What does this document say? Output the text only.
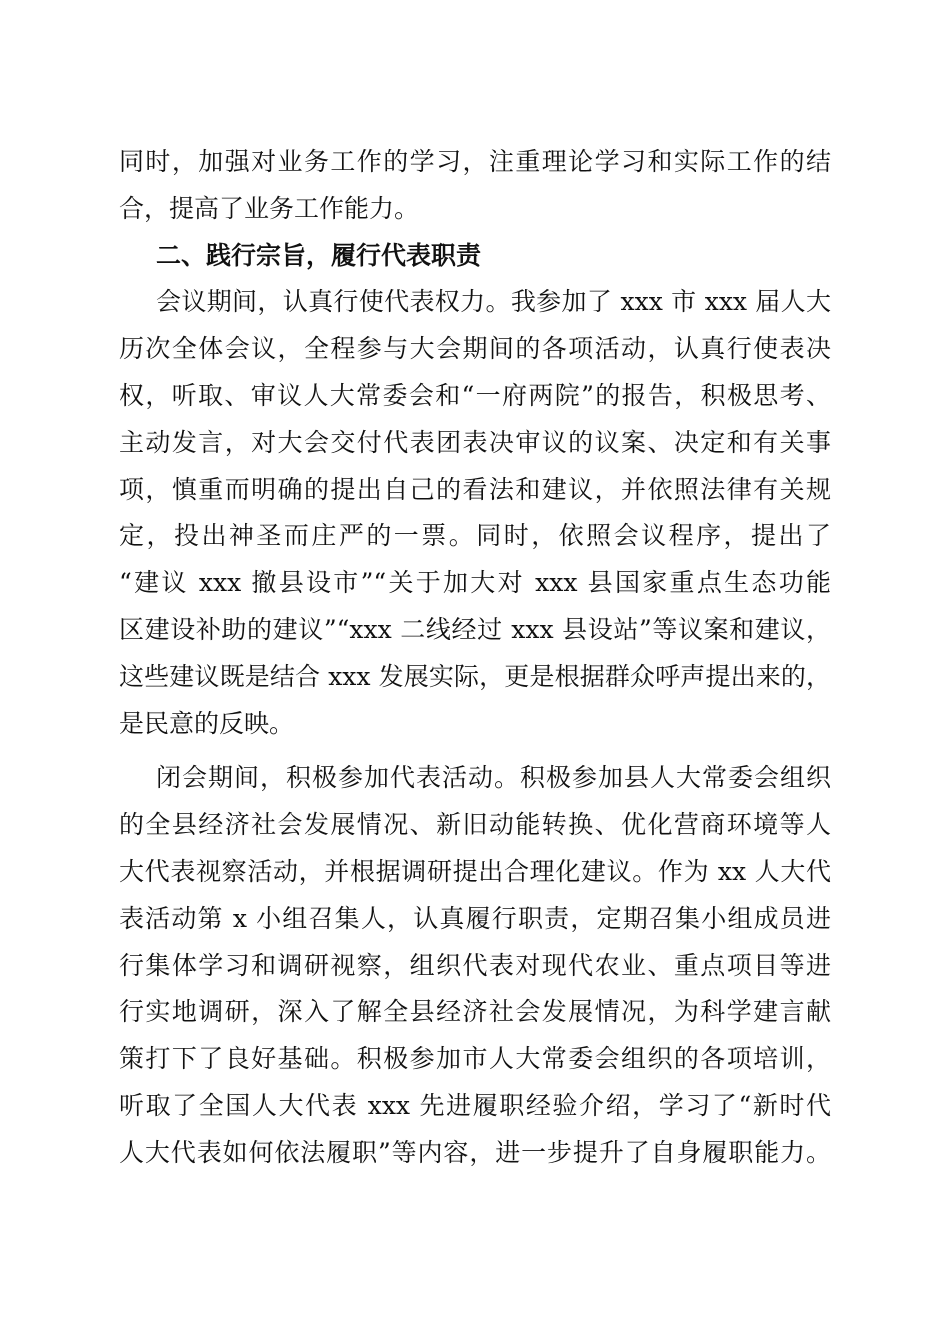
同时，加强对业务工作的学习，注重理论学习和实际工作的结
合，提高了业务工作能力。
二、践行宗旨，履行代表职责
会议期间，认真行使代表权力。我参加了 xxx 市 xxx 届人大
历次全体会议，全程参与大会期间的各项活动，认真行使表决
权，听取、审议人大常委会和“一府两院”的报告，积极思考、
主动发言，对大会交付代表团表决审议的议案、决定和有关事
项，慎重而明确的提出自己的看法和建议，并依照法律有关规
定，投出神圣而庄严的一票。同时，依照会议程序，提出了
“建议 xxx 撤县设市”“关于加大对 xxx 县国家重点生态功能
区建设补助的建议”“xxx 二线经过 xxx 县设站”等议案和建议，
这些建议既是结合 xxx 发展实际，更是根据群众呼声提出来的，
是民意的反映。
闭会期间，积极参加代表活动。积极参加县人大常委会组织
的全县经济社会发展情况、新旧动能转换、优化营商环境等人
大代表视察活动，并根据调研提出合理化建议。作为 xx 人大代
表活动第 x 小组召集人，认真履行职责，定期召集小组成员进
行集体学习和调研视察，组织代表对现代农业、重点项目等进
行实地调研，深入了解全县经济社会发展情况，为科学建言献
策打下了良好基础。积极参加市人大常委会组织的各项培训，
听取了全国人大代表 xxx 先进履职经验介绍，学习了“新时代
人大代表如何依法履职”等内容，进一步提升了自身履职能力。
